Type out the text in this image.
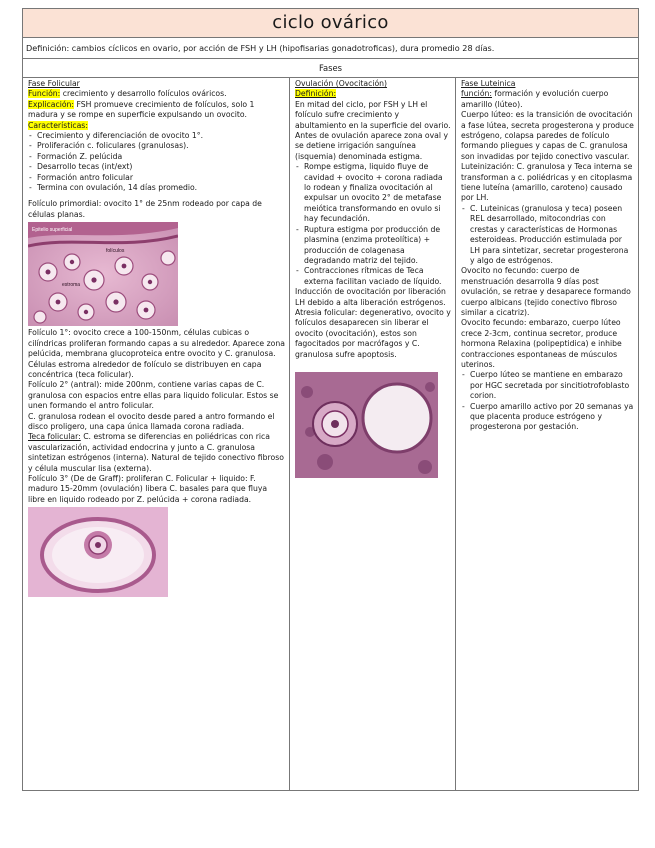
ciclo ovárico
Definición: cambios cíclicos en ovario, por acción de FSH y LH (hipofisarias gonadotroficas), dura promedio 28 días.
Fases

Fase Folicular

Función: crecimiento y desarrollo folículos ováricos.

Explicación: FSH promueve crecimiento de folículos, solo 1 madura y se rompe en superficie expulsando un ovocito.

Características:

- Crecimiento y diferenciación de ovocito 1°.
- Proliferación c. foliculares (granulosas).
- Formación Z. pelúcida
- Desarrollo tecas (int/ext)
- Formación antro folicular
- Termina con ovulación, 14 días promedio.

Folículo primordial: ovocito 1° de 25nm rodeado por capa de células planas.

Epitelio superficial
folículos
estroma

Folículo 1°: ovocito crece a 100-150nm, células cubicas o cilíndricas proliferan formando capas a su alrededor. Aparece zona pelúcida, membrana glucoproteica entre ovocito y C. granulosa.

Células estroma alrededor de folículo se distribuyen en capa concéntrica (teca folicular).

Folículo 2° (antral): mide 200nm, contiene varias capas de C. granulosa con espacios entre ellas para liquido folicular. Estos se unen formando el antro folicular.

C. granulosa rodean el ovocito desde pared a antro formando el disco proligero, una capa única llamada corona radiada.

Teca folicular: C. estroma se diferencias en poliédricas con rica vascularización, actividad endocrina y junto a C. granulosa sintetizan estrógenos (interna). Natural de tejido conectivo fibroso y célula muscular lisa (externa).

Folículo 3° (De de Graff): proliferan C. Folicular + liquido: F. maduro 15-20mm (ovulación) libera C. basales para que fluya libre en liquido rodeado por Z. pelúcida + corona radiada.

Ovulación (Ovocitación)

Definición:

En mitad del ciclo, por FSH y LH el folículo sufre crecimiento y abultamiento en la superficie del ovario. Antes de ovulación aparece zona oval y se detiene irrigación sanguínea (isquemia) denominada estigma.

- Rompe estigma, liquido fluye de cavidad + ovocito + corona radiada lo rodean y finaliza ovocitación al expulsar un ovocito 2° de metafase meiótica transformando en ovulo si hay fecundación.
- Ruptura estigma por producción de plasmina (enzima proteolítica) + producción de colagenasa degradando matriz del tejido.
- Contracciones rítmicas de Teca externa facilitan vaciado de líquido.

Inducción de ovocitación por liberación LH debido a alta liberación estrógenos.

Atresia folicular: degenerativo, ovocito y folículos desaparecen sin liberar el ovocito (ovocitación), estos son fagocitados por macrófagos y C. granulosa sufre apoptosis.

Fase Luteinica

función: formación y evolución cuerpo amarillo (lúteo).

Cuerpo lúteo: es la transición de ovocitación a fase lútea, secreta progesterona y produce estrógeno, colapsa paredes de folículo formando pliegues y capas de C. granulosa son invadidas por tejido conectivo vascular.

Luteinización: C. granulosa y Teca interna se transforman a c. poliédricas y en citoplasma tiene luteína (amarillo, caroteno) causado por LH.

- C. Luteinicas (granulosa y teca) poseen REL desarrollado, mitocondrias con crestas y características de Hormonas esteroideas. Producción estimulada por LH para sintetizar, secretar progesterona y algo de estrógenos.

Ovocito no fecundo: cuerpo de menstruación desarrolla 9 días post ovulación, se retrae y desaparece formando cuerpo albicans (tejido conectivo fibroso similar a cicatriz).

Ovocito fecundo: embarazo, cuerpo lúteo crece 2-3cm, continua secretor, produce hormona Relaxina (polipeptidica) e inhibe contracciones espontaneas de músculos uterinos.

- Cuerpo lúteo se mantiene en embarazo por HGC secretada por sincitiotrofoblasto corion.
- Cuerpo amarillo activo por 20 semanas ya que placenta produce estrógeno y progesterona por gestación.
